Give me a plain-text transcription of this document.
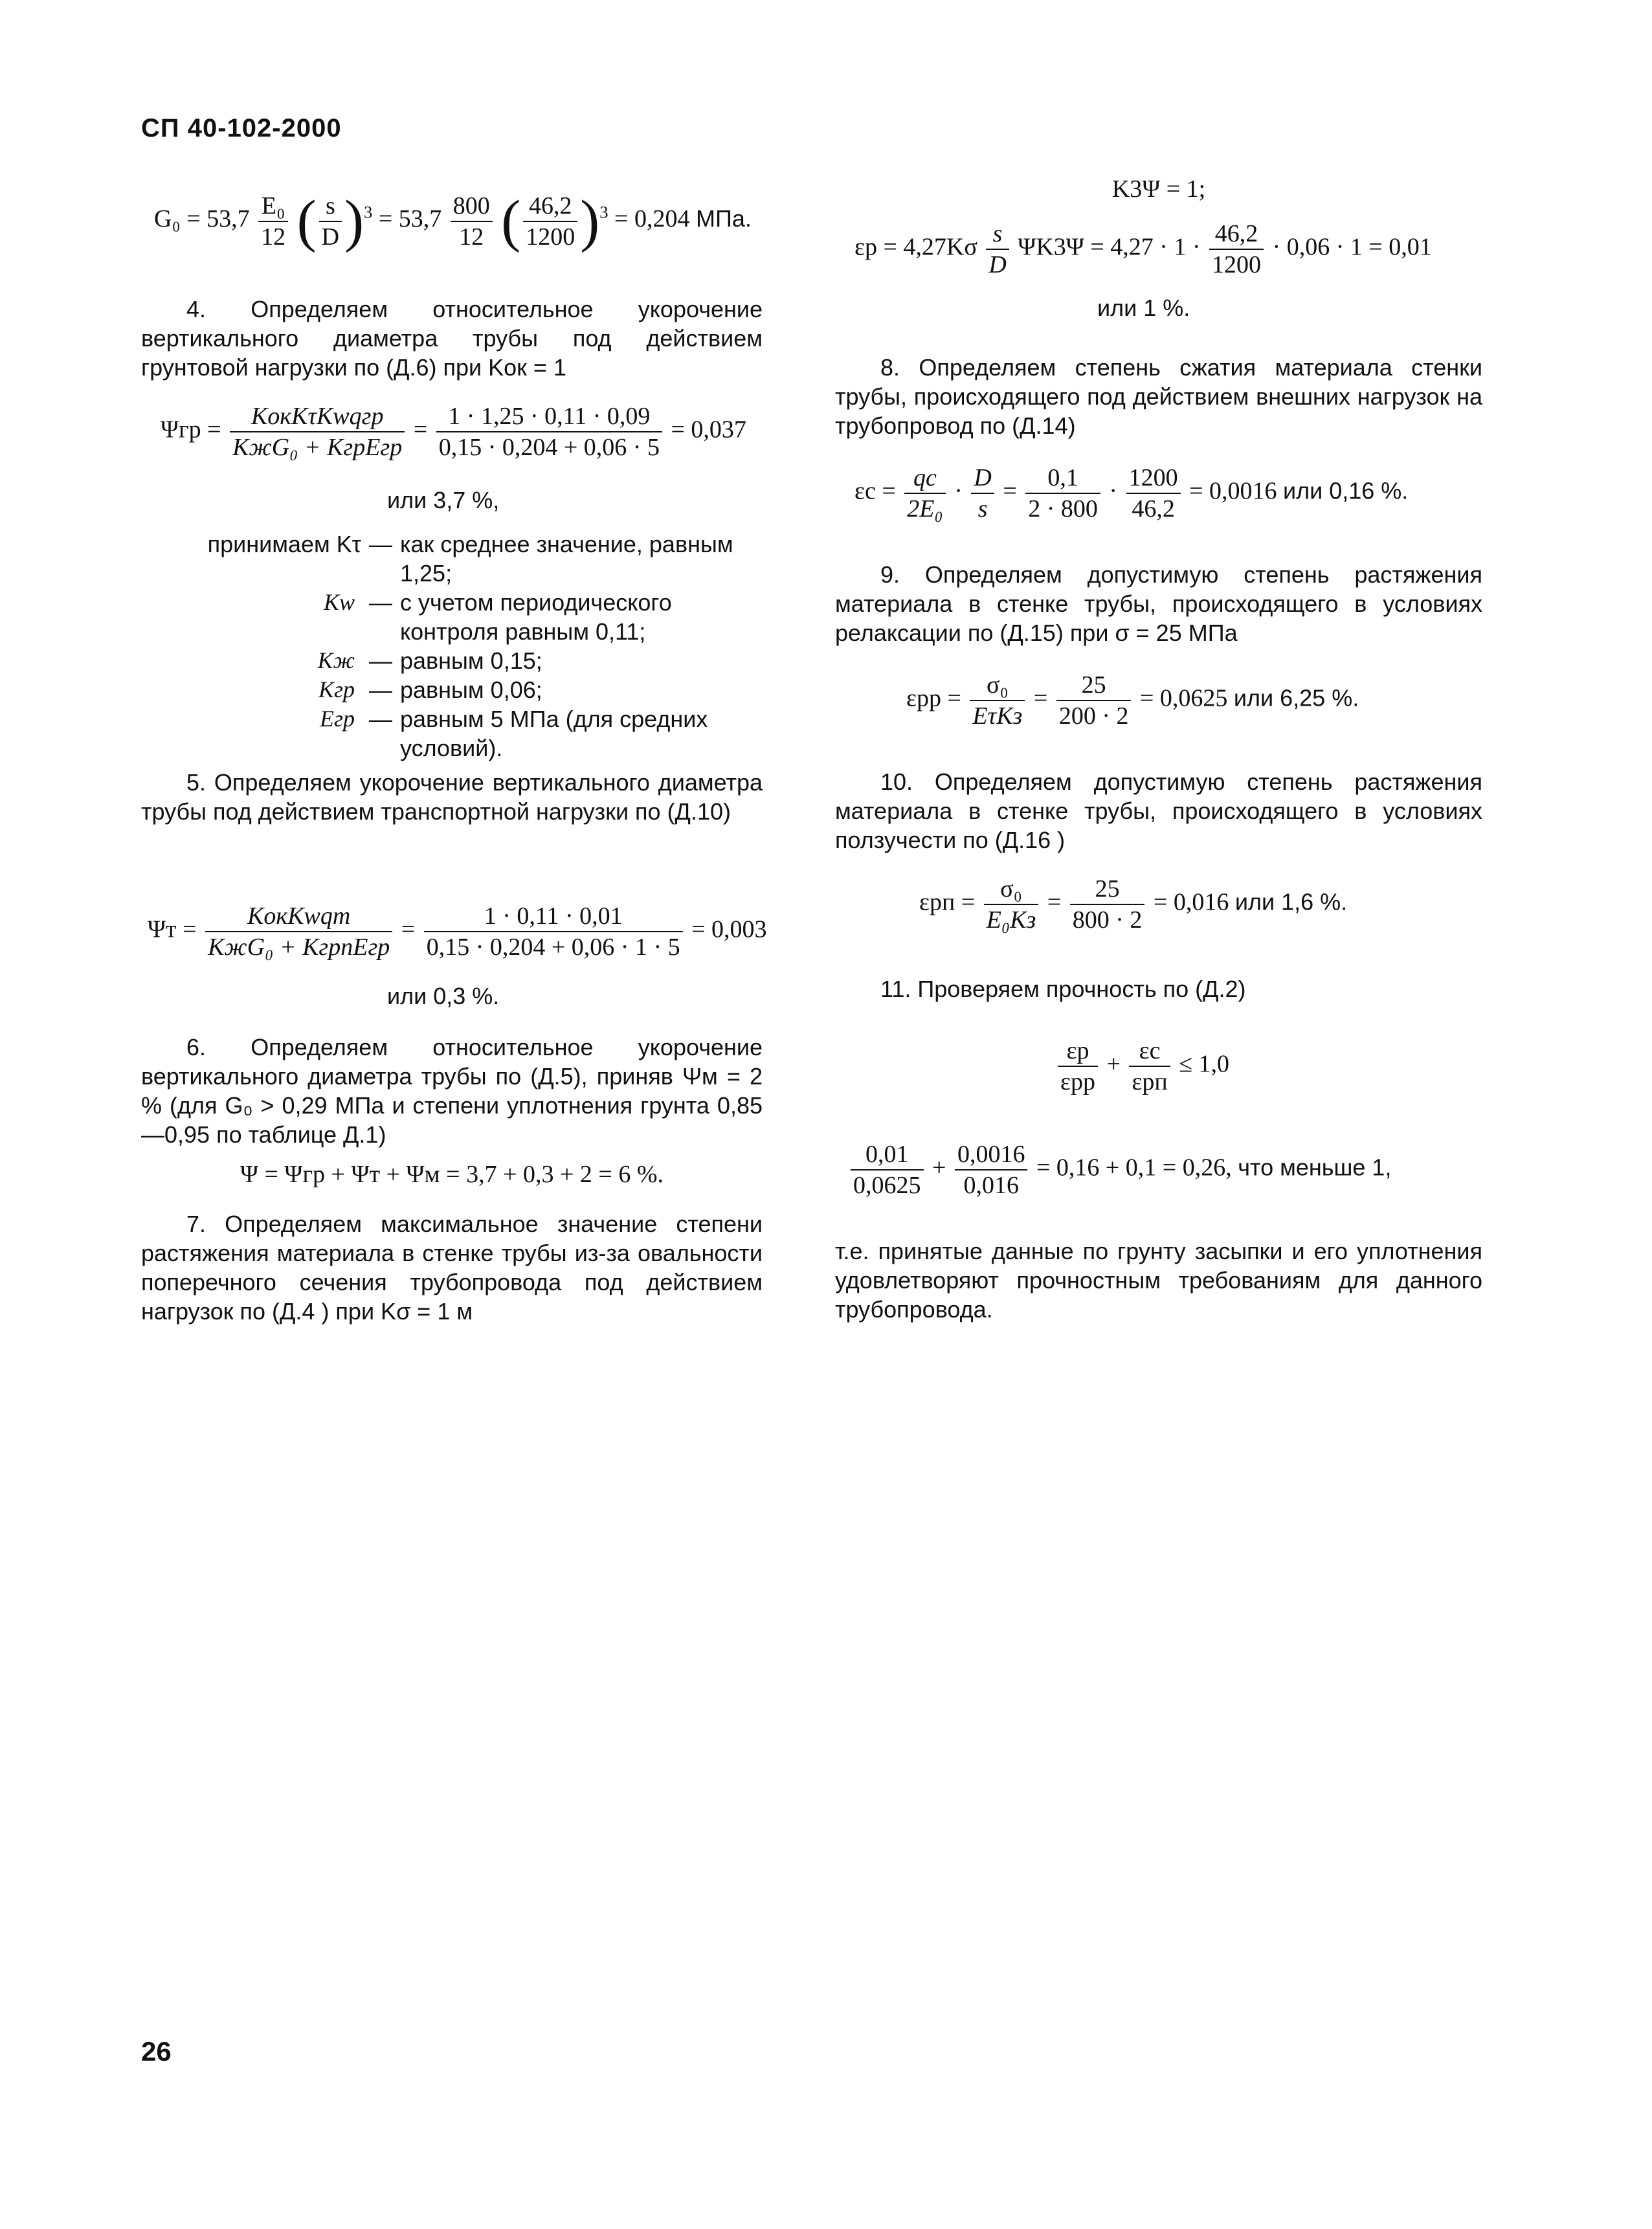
СП 40-102-2000
$G_0 = 53,7 \frac{\text{E₀}}{12}$ ( $\frac{s}{D} )^3 = 53,7 \frac{800}{12}$ ( $\frac{46,2}{1200} )^3 = 0,204$ МПа.
4. Определяем относительное укорочение вертикального диаметра трубы под действием грунтовой нагрузки по (Д.6) при Kок = 1
$\Psi гр = \frac{\text{KокKτKwqгр}}{\text{KжG₀ + KгрEгр}} = \frac{1 \cdot 1,25 \cdot 0,11 \cdot 0,09}{0,15 \cdot 0,204 + 0,06 \cdot 5} = 0,037$
или 3,7 %,
принимаем Kτ — как среднее значение, равным 1,25;
Kw — с учетом периодического контроля равным 0,11;
Kж — равным 0,15;
Kгр — равным 0,06;
Eгр — равным 5 МПа (для средних условий).
5. Определяем укорочение вертикального диаметра трубы под действием транспортной нагрузки по (Д.10)
$\Psi т = \frac{\text{KокKwqт}}{\text{KжG₀ + KгрnEгр}} = \frac{1 \cdot 0,11 \cdot 0,01}{0,15 \cdot 0,204 + 0,06 \cdot 1 \cdot 5} = 0,003$
или 0,3 %.
6. Определяем относительное укорочение вертикального диаметра трубы по (Д.5), приняв Ψм = 2 % (для G₀ > 0,29 МПа и степени уплотнения грунта 0,85—0,95 по таблице Д.1)
Ψ = Ψгр + Ψт + Ψм = 3,7 + 0,3 + 2 = 6 %.
7. Определяем максимальное значение степени растяжения материала в стенке трубы из-за овальности поперечного сечения трубопровода под действием нагрузок по (Д.4 ) при Kσ = 1 м
K3Ψ = 1;
$\varepsilon р = 4,27K\sigma \frac{s}{D} \Psi K3\Psi = 4,27 \cdot 1 \cdot \frac{46,2}{1200} \cdot 0,06 \cdot 1 = 0,01$
или 1 %.
8. Определяем степень сжатия материала стенки трубы, происходящего под действием внешних нагрузок на трубопровод по (Д.14)
$\varepsilon с = \frac{qс}{\text{2E₀}} \cdot \frac{D}{s} = \frac{0,1}{2 \cdot 800} \cdot \frac{1200}{46,2} = 0,0016$ или 0,16 %.
9. Определяем допустимую степень растяжения материала в стенке трубы, происходящего в условиях релаксации по (Д.15) при σ = 25 МПа
$\varepsilon рр = \frac{\text{σ₀}}{\text{EτKз}} = \frac{25}{200 \cdot 2} = 0,0625$ или 6,25 %.
10. Определяем допустимую степень растяжения материала в стенке трубы, происходящего в условиях ползучести по (Д.16 )
$\varepsilon рп = \frac{\text{σ₀}}{\text{E₀Kз}} = \frac{25}{800 \cdot 2} = 0,016$ или 1,6 %.
11. Проверяем прочность по (Д.2)
$\frac{\varepsilon р}{\text{εрр}} + \frac{\varepsilon с}{\text{εрп}} \le 1,0$
$\frac{0,01}{0,0625} + \frac{0,0016}{0,016} = 0,16 + 0,1 = 0,26$, что меньше 1,
т.е. принятые данные по грунту засыпки и его уплотнения удовлетворяют прочностным требованиям для данного трубопровода.
26
